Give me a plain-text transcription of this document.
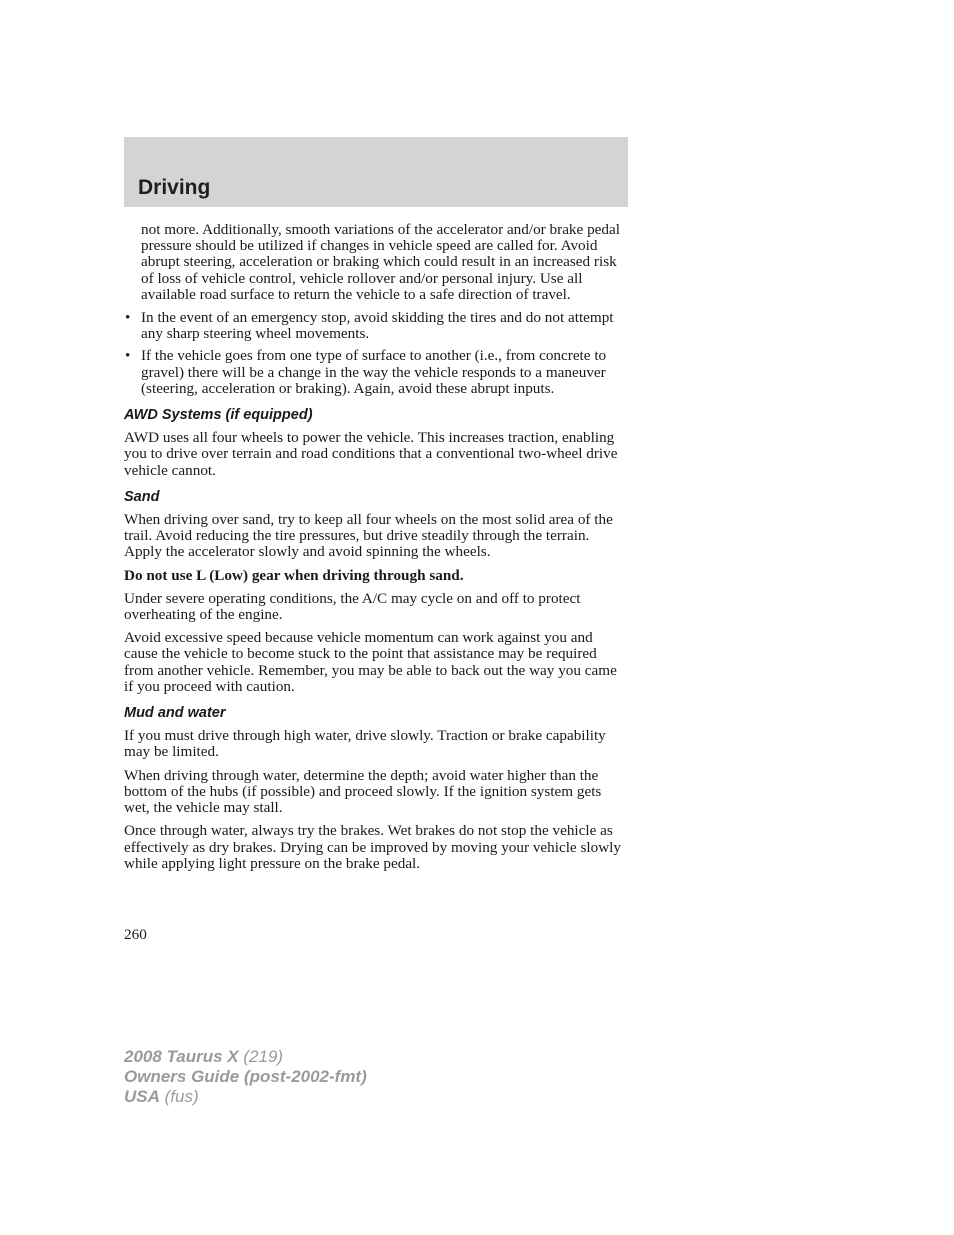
Driving

not more. Additionally, smooth variations of the accelerator and/or brake pedal pressure should be utilized if changes in vehicle speed are called for. Avoid abrupt steering, acceleration or braking which could result in an increased risk of loss of vehicle control, vehicle rollover and/or personal injury. Use all available road surface to return the vehicle to a safe direction of travel.

• In the event of an emergency stop, avoid skidding the tires and do not attempt any sharp steering wheel movements.
• If the vehicle goes from one type of surface to another (i.e., from concrete to gravel) there will be a change in the way the vehicle responds to a maneuver (steering, acceleration or braking). Again, avoid these abrupt inputs.
AWD Systems (if equipped)

AWD uses all four wheels to power the vehicle. This increases traction, enabling you to drive over terrain and road conditions that a conventional two-wheel drive vehicle cannot.

Sand

When driving over sand, try to keep all four wheels on the most solid area of the trail. Avoid reducing the tire pressures, but drive steadily through the terrain. Apply the accelerator slowly and avoid spinning the wheels.

Do not use L (Low) gear when driving through sand.

Under severe operating conditions, the A/C may cycle on and off to protect overheating of the engine.

Avoid excessive speed because vehicle momentum can work against you and cause the vehicle to become stuck to the point that assistance may be required from another vehicle. Remember, you may be able to back out the way you came if you proceed with caution.

Mud and water

If you must drive through high water, drive slowly. Traction or brake capability may be limited.

When driving through water, determine the depth; avoid water higher than the bottom of the hubs (if possible) and proceed slowly. If the ignition system gets wet, the vehicle may stall.

Once through water, always try the brakes. Wet brakes do not stop the vehicle as effectively as dry brakes. Drying can be improved by moving your vehicle slowly while applying light pressure on the brake pedal.

260
2008 Taurus X (219)
Owners Guide (post-2002-fmt)
USA (fus)
